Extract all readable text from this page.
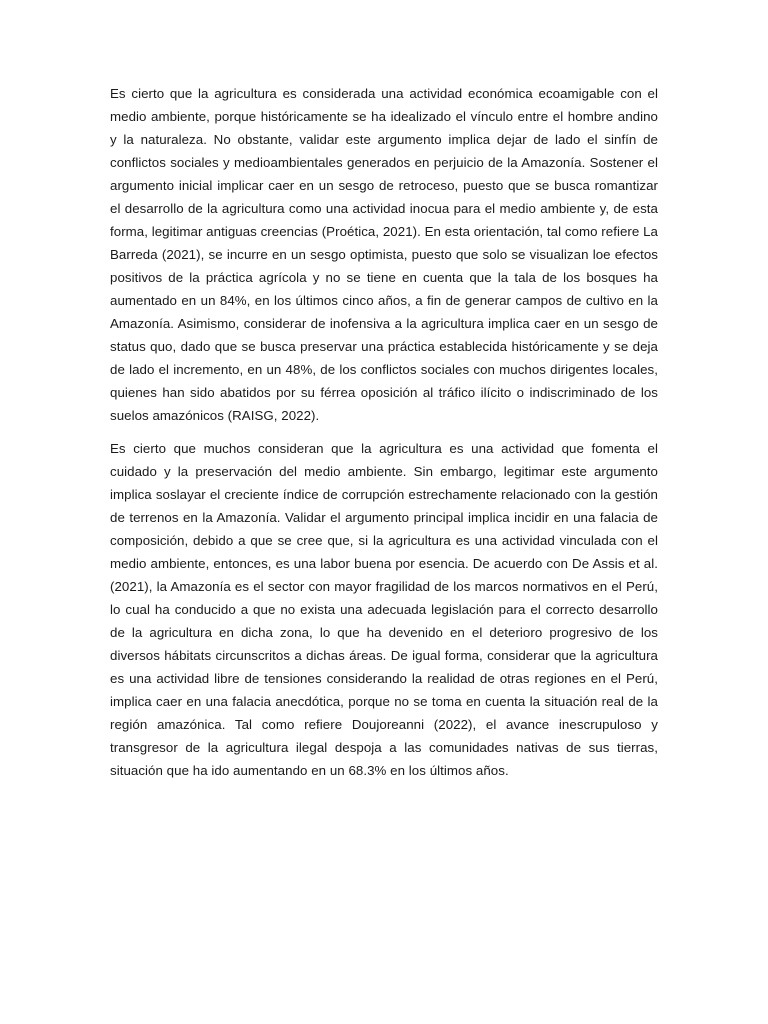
Es cierto que la agricultura es considerada una actividad económica ecoamigable con el medio ambiente, porque históricamente se ha idealizado el vínculo entre el hombre andino y la naturaleza. No obstante, validar este argumento implica dejar de lado el sinfín de conflictos sociales y medioambientales generados en perjuicio de la Amazonía. Sostener el argumento inicial implicar caer en un sesgo de retroceso, puesto que se busca romantizar el desarrollo de la agricultura como una actividad inocua para el medio ambiente y, de esta forma, legitimar antiguas creencias (Proética, 2021). En esta orientación, tal como refiere La Barreda (2021), se incurre en un sesgo optimista, puesto que solo se visualizan loe efectos positivos de la práctica agrícola y no se tiene en cuenta que la tala de los bosques ha aumentado en un 84%, en los últimos cinco años, a fin de generar campos de cultivo en la Amazonía. Asimismo, considerar de inofensiva a la agricultura implica caer en un sesgo de status quo, dado que se busca preservar una práctica establecida históricamente y se deja de lado el incremento, en un 48%, de los conflictos sociales con muchos dirigentes locales, quienes han sido abatidos por su férrea oposición al tráfico ilícito o indiscriminado de los suelos amazónicos (RAISG, 2022).

Es cierto que muchos consideran que la agricultura es una actividad que fomenta el cuidado y la preservación del medio ambiente. Sin embargo, legitimar este argumento implica soslayar el creciente índice de corrupción estrechamente relacionado con la gestión de terrenos en la Amazonía. Validar el argumento principal implica incidir en una falacia de composición, debido a que se cree que, si la agricultura es una actividad vinculada con el medio ambiente, entonces, es una labor buena por esencia. De acuerdo con De Assis et al. (2021), la Amazonía es el sector con mayor fragilidad de los marcos normativos en el Perú, lo cual ha conducido a que no exista una adecuada legislación para el correcto desarrollo de la agricultura en dicha zona, lo que ha devenido en el deterioro progresivo de los diversos hábitats circunscritos a dichas áreas. De igual forma, considerar que la agricultura es una actividad libre de tensiones considerando la realidad de otras regiones en el Perú, implica caer en una falacia anecdótica, porque no se toma en cuenta la situación real de la región amazónica. Tal como refiere Doujoreanni (2022), el avance inescrupuloso y transgresor de la agricultura ilegal despoja a las comunidades nativas de sus tierras, situación que ha ido aumentando en un 68.3% en los últimos años.
